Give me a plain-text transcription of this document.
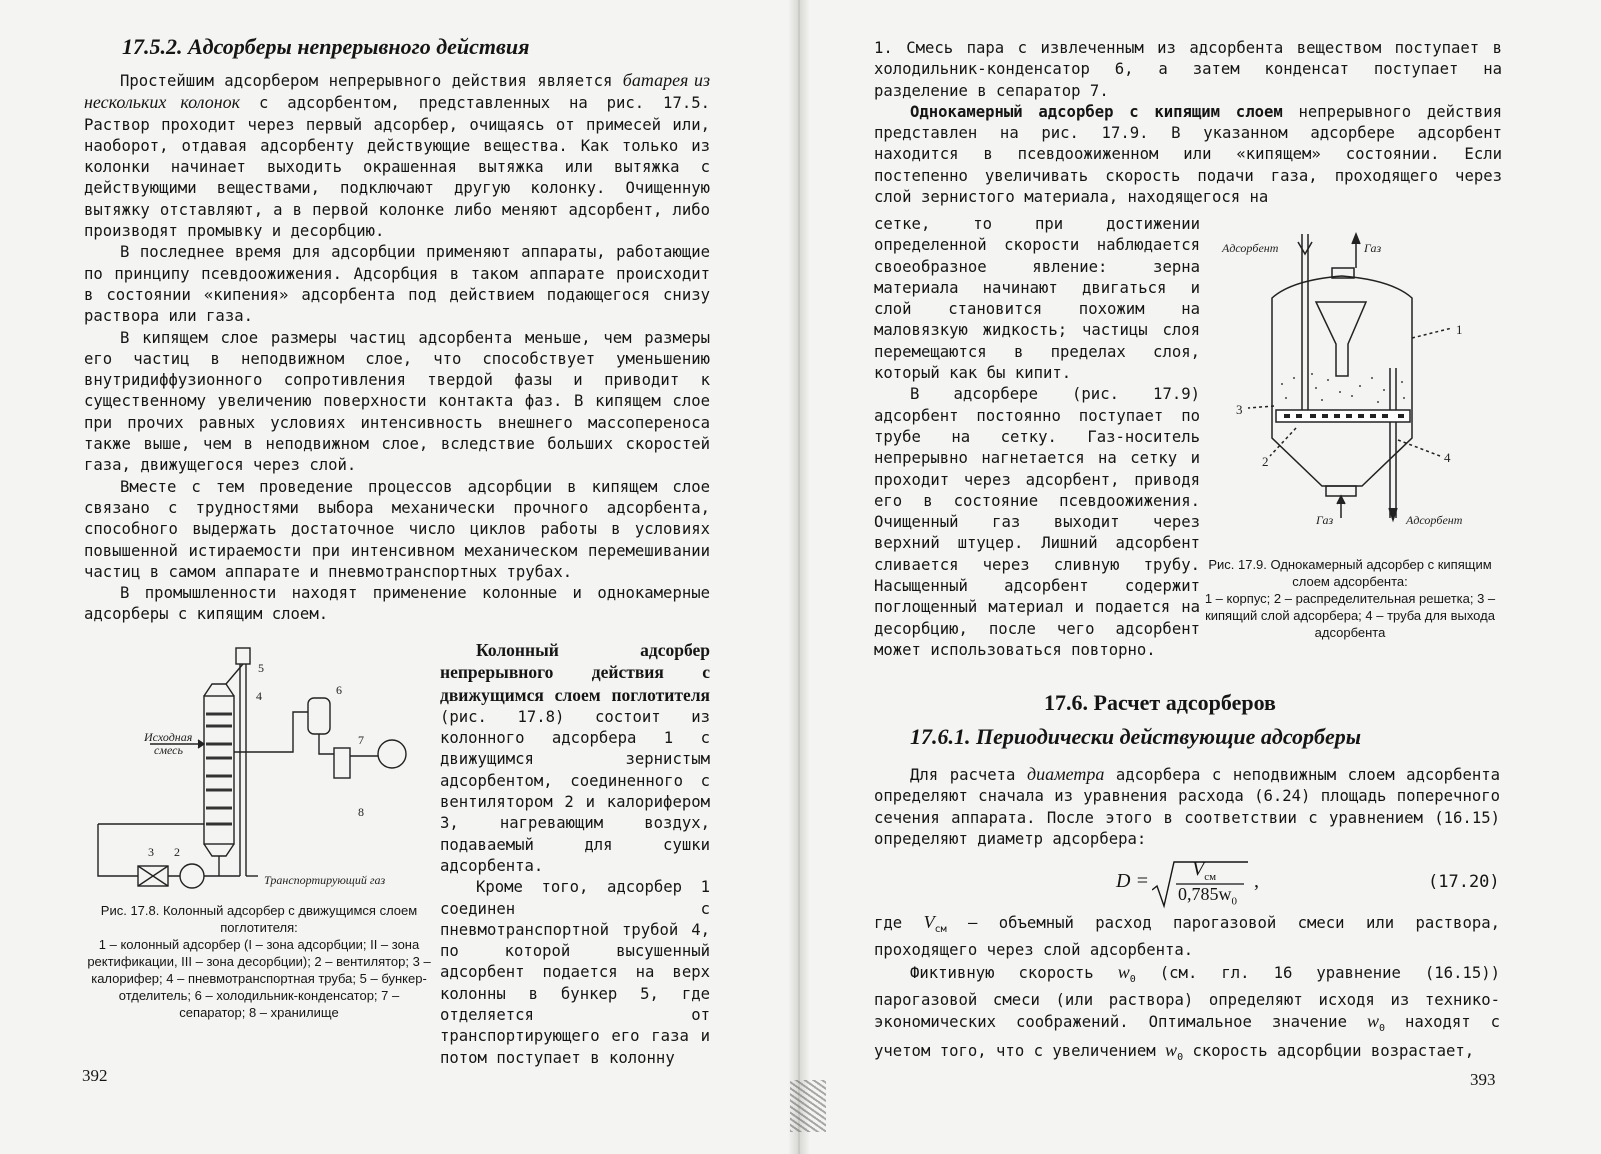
17.5.2. Адсорберы непрерывного действия

Простейшим адсорбером непрерывного действия является батарея из нескольких колонок с адсорбентом, представленных на рис. 17.5. Раствор проходит через первый адсорбер, очищаясь от примесей или, наоборот, отдавая адсорбенту действующие вещества. Как только из колонки начинает выходить окрашенная вытяжка или вытяжка с действующими веществами, подключают другую колонку. Очищенную вытяжку отставляют, а в первой колонке либо меняют адсорбент, либо производят промывку и десорбцию.

В последнее время для адсорбции применяют аппараты, работающие по принципу псевдоожижения. Адсорбция в таком аппарате происходит в состоянии «кипения» адсорбента под действием подающегося снизу раствора или газа.

В кипящем слое размеры частиц адсорбента меньше, чем размеры его частиц в неподвижном слое, что способствует уменьшению внутридиффузионного сопротивления твердой фазы и приводит к существенному увеличению поверхности контакта фаз. В кипящем слое при прочих равных условиях интенсивность внешнего массопереноса также выше, чем в неподвижном слое, вследствие больших скоростей газа, движущегося через слой.

Вместе с тем проведение процессов адсорбции в кипящем слое связано с трудностями выбора механически прочного адсорбента, способного выдержать достаточное число циклов работы в условиях повышенной истираемости при интенсивном механическом перемешивании частиц в самом аппарате и пневмотранспортных трубах.

В промышленности находят применение колонные и однокамерные адсорберы с кипящим слоем.

Исходная
смесь
Транспортирующий газ
5
4	6
7
8
3 2
Рис. 17.8. Колонный адсорбер с движущимся слоем поглотителя:
1 – колонный адсорбер (I – зона адсорбции; II – зона ректификации, III – зона десорбции); 2 – вентилятор; 3 – калорифер; 4 – пневмотранспортная труба; 5 – бункер-отделитель; 6 – холодильник-конденсатор; 7 – сепаратор; 8 – хранилище

Колонный адсорбер непрерывного действия с движущимся слоем поглотителя (рис. 17.8) состоит из колонного адсорбера 1 с движущимся зернистым адсорбентом, соединенного с вентилятором 2 и калорифером 3, нагревающим воздух, подаваемый для сушки адсорбента.

Кроме того, адсорбер 1 соединен с пневмотранспортной трубой 4, по которой высушенный адсорбент подается на верх колонны в бункер 5, где отделяется от транспортирующего его газа и потом поступает в колонну

392

1. Смесь пара с извлеченным из адсорбента веществом поступает в холодильник-конденсатор 6, а затем конденсат поступает на разделение в сепаратор 7.

Однокамерный адсорбер с кипящим слоем непрерывного действия представлен на рис. 17.9. В указанном адсорбере адсорбент находится в псевдоожиженном или «кипящем» состоянии. Если постепенно увеличивать скорость подачи газа, проходящего через слой зернистого материала, находящегося на

сетке, то при достижении определенной скорости наблюдается своеобразное явление: зерна материала начинают двигаться и слой становится похожим на маловязкую жидкость; частицы слоя перемещаются в пределах слоя, который как бы кипит.

В адсорбере (рис. 17.9) адсорбент постоянно поступает по трубе на сетку. Газ-носитель непрерывно нагнетается на сетку и проходит через адсорбент, приводя его в состояние псевдоожижения. Очищенный газ выходит через верхний штуцер. Лишний адсорбент сливается через сливную трубу. Насыщенный адсорбент содержит поглощенный материал и подается на десорбцию, после чего адсорбент может использоваться повторно.

Адсорбент	Газ
Газ	Адсорбент
1
3
2	4
Рис. 17.9. Однокамерный адсорбер с кипящим слоем адсорбента:
1 – корпус; 2 – распределительная решетка; 3 – кипящий слой адсорбера; 4 – труба для выхода адсорбента
17.6. Расчет адсорберов
17.6.1. Периодически действующие адсорберы

Для расчета диаметра адсорбера с неподвижным слоем адсорбента определяют сначала из уравнения расхода (6.24) площадь поперечного сечения аппарата. После этого в соответствии с уравнением (16.15) определяют диаметр адсорбера:

D =
$V_{см}$
$0,785w_0$
,	(17.20)

где $V_{см}$ – объемный расход парогазовой смеси или раствора, проходящего через слой адсорбента.

Фиктивную скорость $w_0$ (см. гл. 16 уравнение (16.15)) парогазовой смеси (или раствора) определяют исходя из технико-экономических соображений. Оптимальное значение $w_0$ находят с учетом того, что с увеличением $w_0$ скорость адсорбции возрастает,

393
